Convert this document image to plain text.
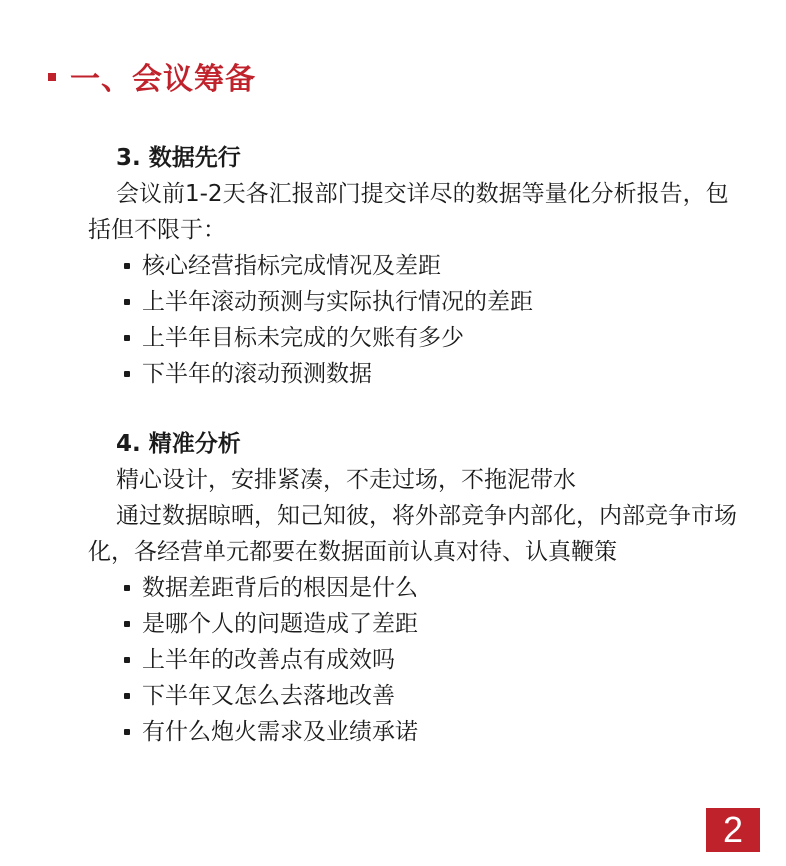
一、会议筹备
3. 数据先行

会议前1-2天各汇报部门提交详尽的数据等量化分析报告，包括但不限于：

核心经营指标完成情况及差距
上半年滚动预测与实际执行情况的差距
上半年目标未完成的欠账有多少
下半年的滚动预测数据
4. 精准分析

精心设计，安排紧凑，不走过场，不拖泥带水

通过数据晾晒，知己知彼，将外部竞争内部化，内部竞争市场化，各经营单元都要在数据面前认真对待、认真鞭策

数据差距背后的根因是什么
是哪个人的问题造成了差距
上半年的改善点有成效吗
下半年又怎么去落地改善
有什么炮火需求及业绩承诺
2
